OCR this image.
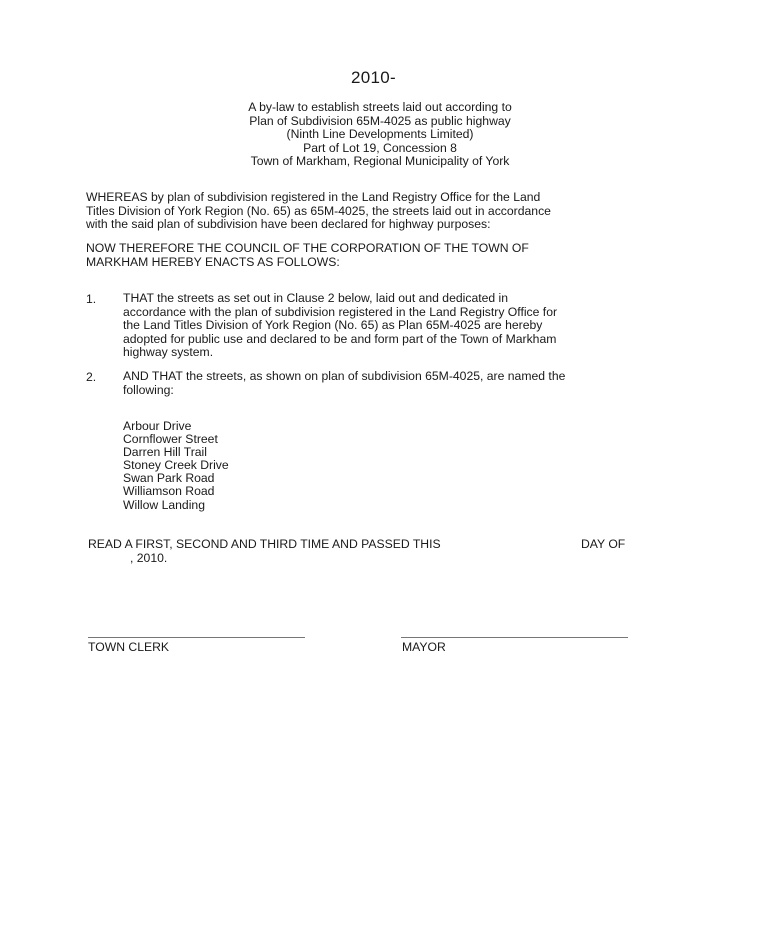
2010-
A by-law to establish streets laid out according to
Plan of Subdivision 65M-4025 as public highway
(Ninth Line Developments Limited)
Part of Lot 19, Concession 8
Town of Markham, Regional Municipality of York
WHEREAS by plan of subdivision registered in the Land Registry Office for the Land
Titles Division of York Region (No. 65) as 65M-4025, the streets laid out in accordance
with the said plan of subdivision have been declared for highway purposes:
NOW THEREFORE THE COUNCIL OF THE CORPORATION OF THE TOWN OF
MARKHAM HEREBY ENACTS AS FOLLOWS:
1. THAT the streets as set out in Clause 2 below, laid out and dedicated in
accordance with the plan of subdivision registered in the Land Registry Office for
the Land Titles Division of York Region (No. 65) as Plan 65M-4025 are hereby
adopted for public use and declared to be and form part of the Town of Markham
highway system.
2. AND THAT the streets, as shown on plan of subdivision 65M-4025, are named the
following:
Arbour Drive
Cornflower Street
Darren Hill Trail
Stoney Creek Drive
Swan Park Road
Williamson Road
Willow Landing
READ A FIRST, SECOND AND THIRD TIME AND PASSED THIS	DAY OF
, 2010.
TOWN CLERK	MAYOR
